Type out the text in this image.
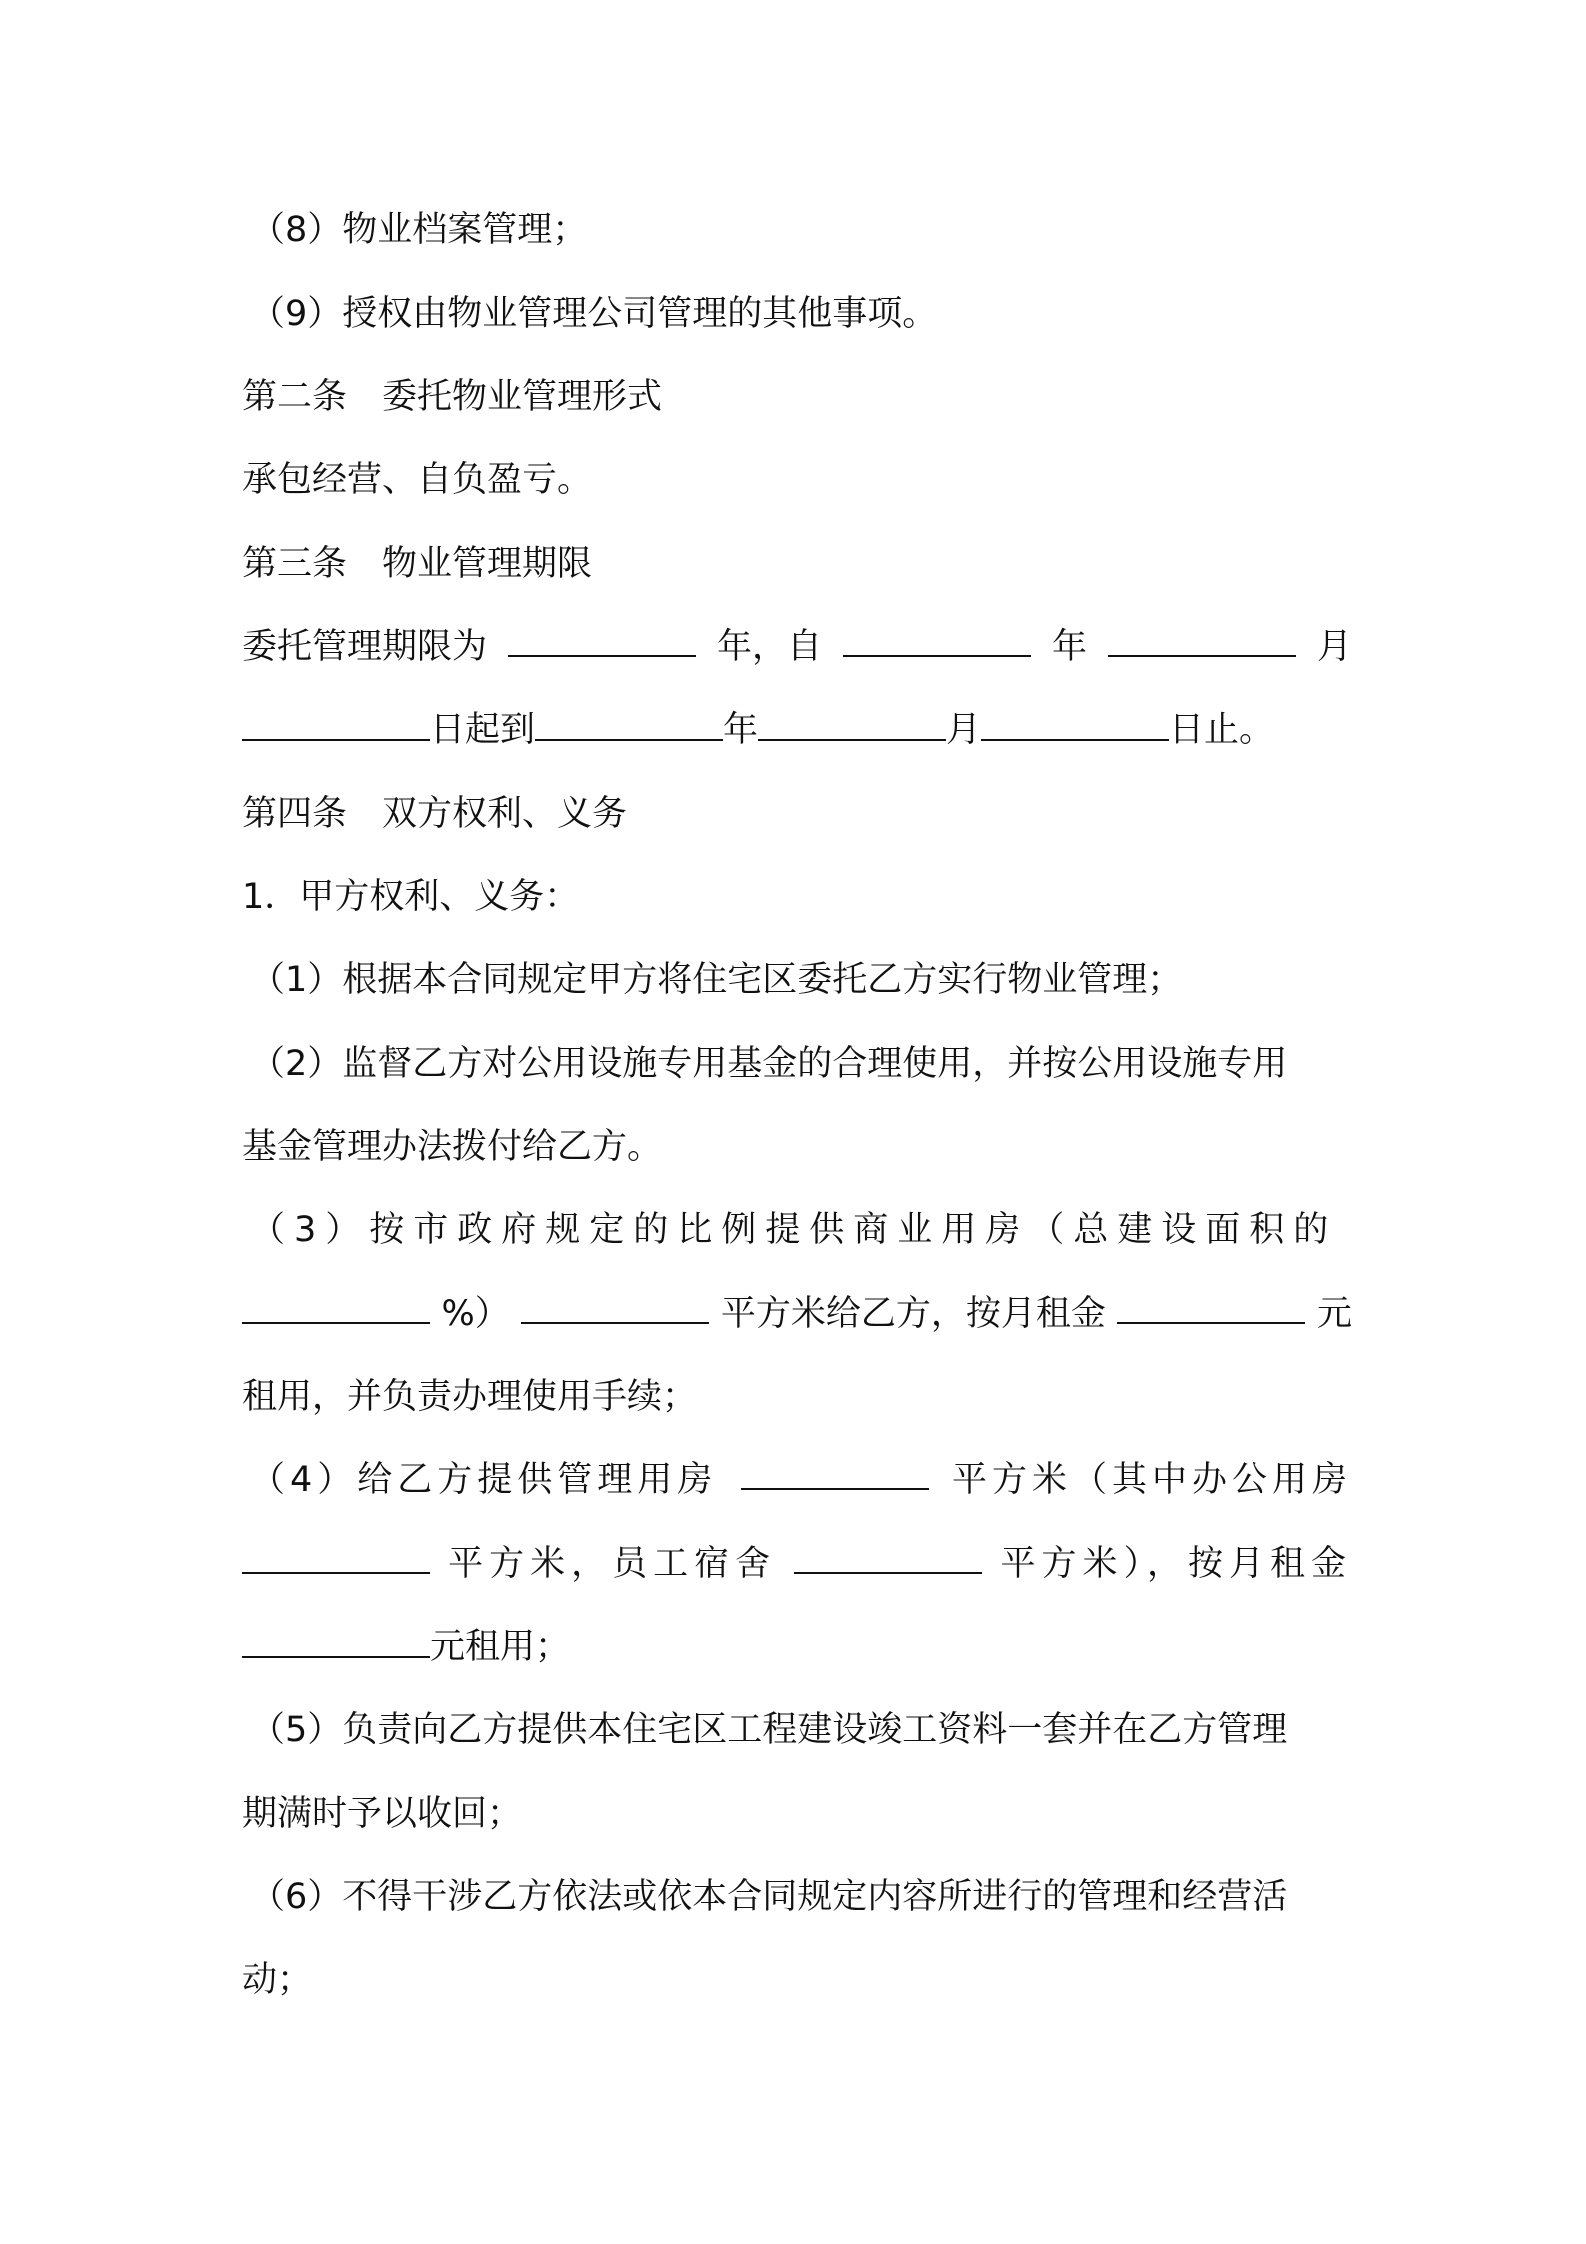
（8）物业档案管理；
（9）授权由物业管理公司管理的其他事项。
第二条　委托物业管理形式
承包经营、自负盈亏。
第三条　物业管理期限
委托管理期限为	年，自	年	月
日起到	年	月	日止。
第四条　双方权利、义务
1．甲方权利、义务：
（1）根据本合同规定甲方将住宅区委托乙方实行物业管理；
（2）监督乙方对公用设施专用基金的合理使用，并按公用设施专用
基金管理办法拨付给乙方。
（3）按市政府规定的比例提供商业用房（总建设面积的
%）	平方米给乙方，按月租金	元
租用，并负责办理使用手续；
（4）给乙方提供管理用房	平方米（其中办公用房
平方米，员工宿舍	平方米），按月租金
元租用；
（5）负责向乙方提供本住宅区工程建设竣工资料一套并在乙方管理
期满时予以收回；
（6）不得干涉乙方依法或依本合同规定内容所进行的管理和经营活
动；
